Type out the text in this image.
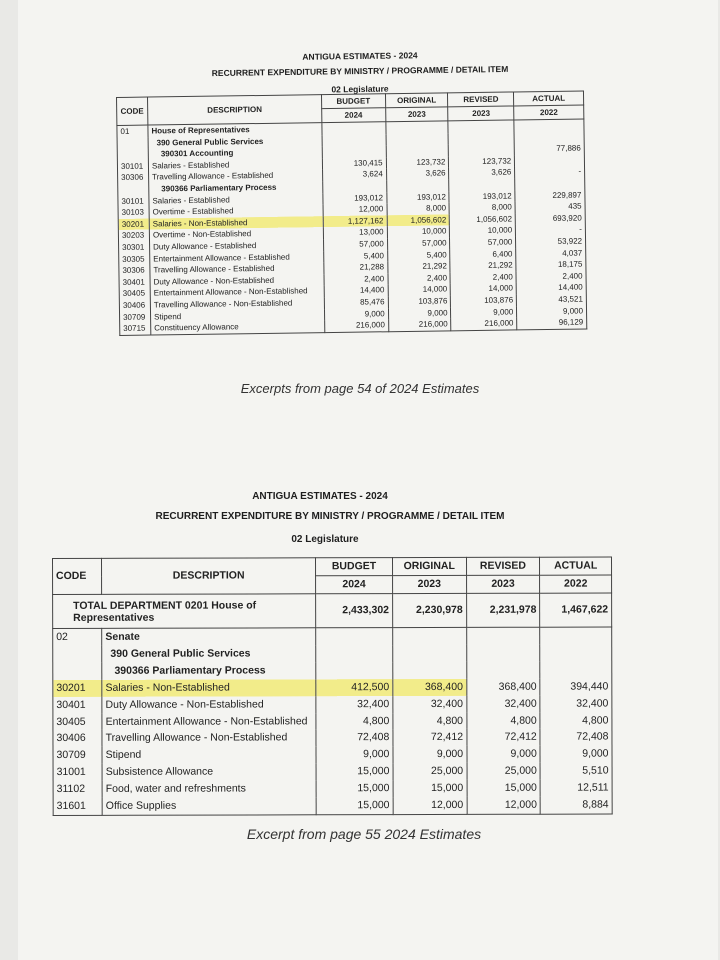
ANTIGUA ESTIMATES - 2024
RECURRENT EXPENDITURE BY MINISTRY / PROGRAMME / DETAIL ITEM
02 Legislature
CODE	DESCRIPTION	BUDGET	ORIGINAL	REVISED	ACTUAL
		2024	2023	2023	2022
01	House of Representatives				
	390 General Public Services				
	390301 Accounting				77,886
30101	Salaries - Established	130,415	123,732	123,732	
30306	Travelling Allowance - Established	3,624	3,626	3,626	-
	390366 Parliamentary Process				
30101	Salaries - Established	193,012	193,012	193,012	229,897
30103	Overtime - Established	12,000	8,000	8,000	435
30201	Salaries - Non-Established	1,127,162	1,056,602	1,056,602	693,920
30203	Overtime - Non-Established	13,000	10,000	10,000	-
30301	Duty Allowance - Established	57,000	57,000	57,000	53,922
30305	Entertainment Allowance - Established	5,400	5,400	6,400	4,037
30306	Travelling Allowance - Established	21,288	21,292	21,292	18,175
30401	Duty Allowance - Non-Established	2,400	2,400	2,400	2,400
30405	Entertainment Allowance - Non-Established	14,400	14,000	14,000	14,400
30406	Travelling Allowance - Non-Established	85,476	103,876	103,876	43,521
30709	Stipend	9,000	9,000	9,000	9,000
30715	Constituency Allowance	216,000	216,000	216,000	96,129
Excerpts from page 54 of 2024 Estimates
ANTIGUA ESTIMATES - 2024
RECURRENT EXPENDITURE BY MINISTRY / PROGRAMME / DETAIL ITEM
02 Legislature
CODE	DESCRIPTION	BUDGET	ORIGINAL	REVISED	ACTUAL
		2024	2023	2023	2022
TOTAL DEPARTMENT 0201 House of Representatives		2,433,302	2,230,978	2,231,978	1,467,622
02	Senate				
	390 General Public Services				
	390366 Parliamentary Process				
30201	Salaries - Non-Established	412,500	368,400	368,400	394,440
30401	Duty Allowance - Non-Established	32,400	32,400	32,400	32,400
30405	Entertainment Allowance - Non-Established	4,800	4,800	4,800	4,800
30406	Travelling Allowance - Non-Established	72,408	72,412	72,412	72,408
30709	Stipend	9,000	9,000	9,000	9,000
31001	Subsistence Allowance	15,000	25,000	25,000	5,510
31102	Food, water and refreshments	15,000	15,000	15,000	12,511
31601	Office Supplies	15,000	12,000	12,000	8,884
Excerpt from page 55 2024 Estimates
